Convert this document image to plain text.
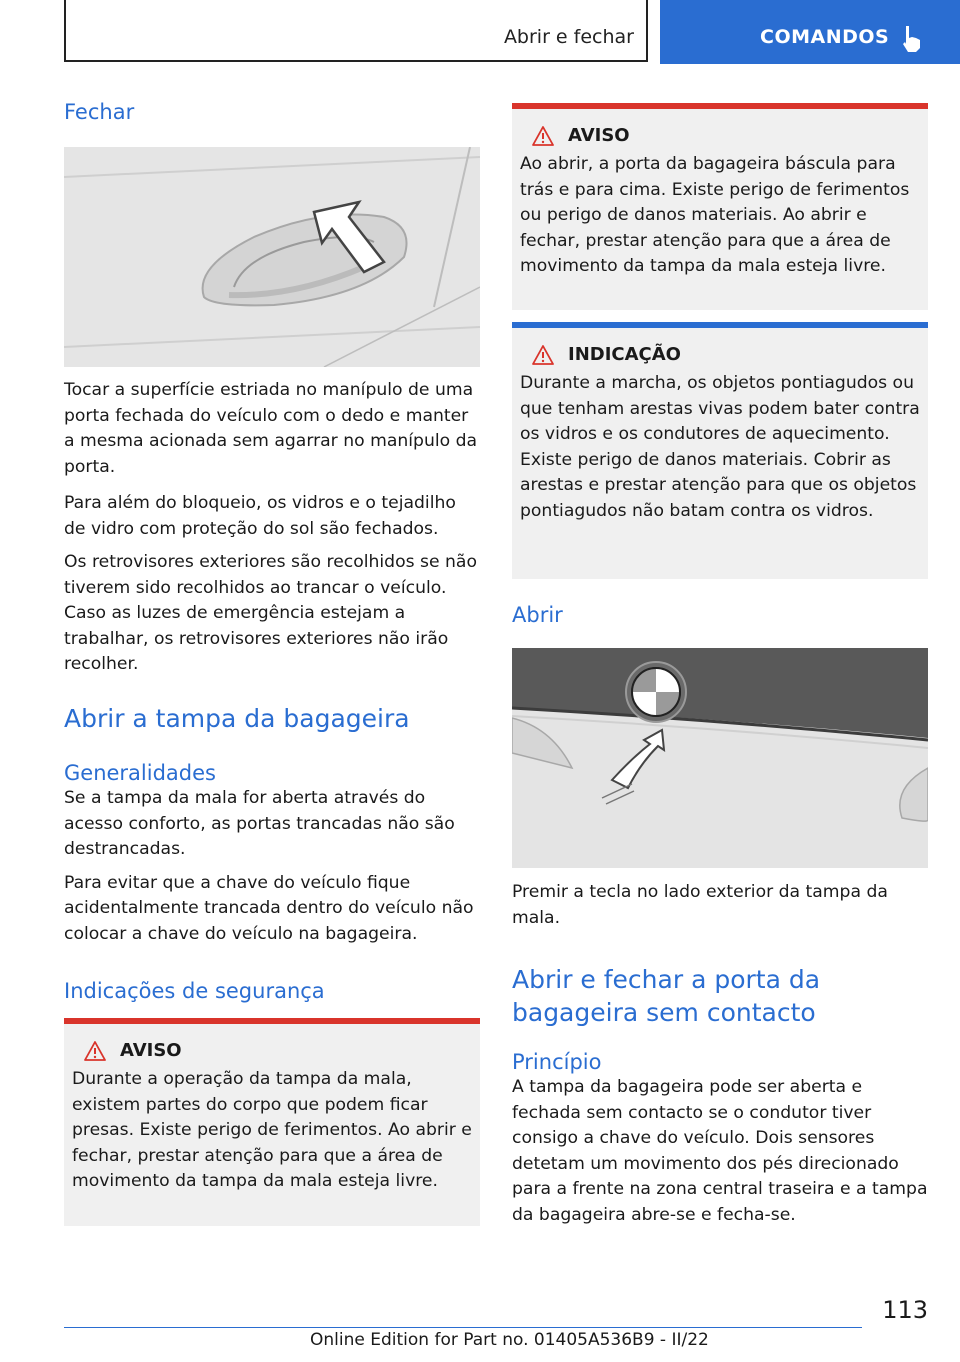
Abrir e fechar	COMANDOS
Fechar

Tocar a superfície estriada no manípulo de uma porta fechada do veículo com o dedo e manter a mesma acionada sem agarrar no manípulo da porta.

Para além do bloqueio, os vidros e o tejadilho de vidro com proteção do sol são fechados.

Os retrovisores exteriores são recolhidos se não tiverem sido recolhidos ao trancar o veículo. Caso as luzes de emergência estejam a trabalhar, os retrovisores exteriores não irão recolher.

Abrir a tampa da bagageira
Generalidades

Se a tampa da mala for aberta através do acesso conforto, as portas trancadas não são destrancadas.

Para evitar que a chave do veículo fique acidentalmente trancada dentro do veículo não colocar a chave do veículo na bagageira.

Indicações de segurança
AVISO

Durante a operação da tampa da mala, existem partes do corpo que podem ficar presas. Existe perigo de ferimentos. Ao abrir e fechar, prestar atenção para que a área de movimento da tampa da mala esteja livre.

AVISO

Ao abrir, a porta da bagageira báscula para trás e para cima. Existe perigo de ferimentos ou perigo de danos materiais. Ao abrir e fechar, prestar atenção para que a área de movimento da tampa da mala esteja livre.

INDICAÇÃO

Durante a marcha, os objetos pontiagudos ou que tenham arestas vivas podem bater contra os vidros e os condutores de aquecimento. Existe perigo de danos materiais. Cobrir as arestas e prestar atenção para que os objetos pontiagudos não batam contra os vidros.

Abrir

Premir a tecla no lado exterior da tampa da mala.

Abrir e fechar a porta da bagageira sem contacto
Princípio

A tampa da bagageira pode ser aberta e fechada sem contacto se o condutor tiver consigo a chave do veículo. Dois sensores detetam um movimento dos pés direcionado para a frente na zona central traseira e a tampa da bagageira abre-se e fecha-se.

113
Online Edition for Part no. 01405A536B9 - II/22
